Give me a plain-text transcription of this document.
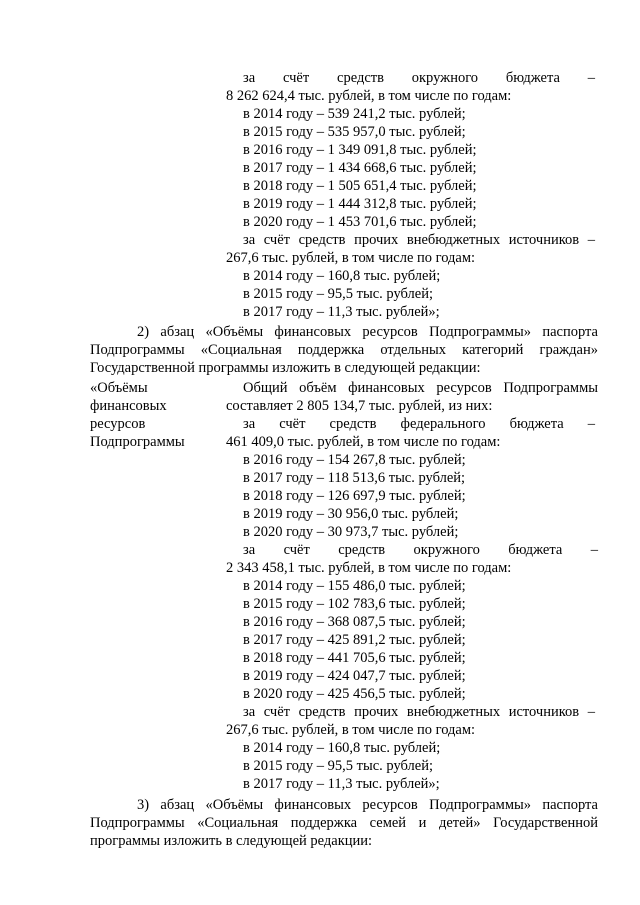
за счёт средств окружного бюджета –
8 262 624,4 тыс. рублей, в том числе по годам:
в 2014 году – 539 241,2 тыс. рублей;
в 2015 году – 535 957,0 тыс. рублей;
в 2016 году – 1 349 091,8 тыс. рублей;
в 2017 году – 1 434 668,6 тыс. рублей;
в 2018 году – 1 505 651,4 тыс. рублей;
в 2019 году – 1 444 312,8 тыс. рублей;
в 2020 году – 1 453 701,6 тыс. рублей;
за счёт средств прочих внебюджетных источников –
267,6 тыс. рублей, в том числе по годам:
в 2014 году – 160,8 тыс. рублей;
в 2015 году – 95,5 тыс. рублей;
в 2017 году – 11,3 тыс. рублей»;
2) абзац «Объёмы финансовых ресурсов Подпрограммы» паспорта
Подпрограммы «Социальная поддержка отдельных категорий граждан»
Государственной программы изложить в следующей редакции:
«Объёмы
финансовых
ресурсов
Подпрограммы
Общий объём финансовых ресурсов Подпрограммы
составляет 2 805 134,7 тыс. рублей, из них:
за счёт средств федерального бюджета –
461 409,0 тыс. рублей, в том числе по годам:
в 2016 году – 154 267,8 тыс. рублей;
в 2017 году – 118 513,6 тыс. рублей;
в 2018 году – 126 697,9 тыс. рублей;
в 2019 году – 30 956,0 тыс. рублей;
в 2020 году – 30 973,7 тыс. рублей;
за счёт средств окружного бюджета –
2 343 458,1 тыс. рублей, в том числе по годам:
в 2014 году – 155 486,0 тыс. рублей;
в 2015 году – 102 783,6 тыс. рублей;
в 2016 году – 368 087,5 тыс. рублей;
в 2017 году – 425 891,2 тыс. рублей;
в 2018 году – 441 705,6 тыс. рублей;
в 2019 году – 424 047,7 тыс. рублей;
в 2020 году – 425 456,5 тыс. рублей;
за счёт средств прочих внебюджетных источников –
267,6 тыс. рублей, в том числе по годам:
в 2014 году – 160,8 тыс. рублей;
в 2015 году – 95,5 тыс. рублей;
в 2017 году – 11,3 тыс. рублей»;
3) абзац «Объёмы финансовых ресурсов Подпрограммы» паспорта
Подпрограммы «Социальная поддержка семей и детей» Государственной
программы изложить в следующей редакции:
